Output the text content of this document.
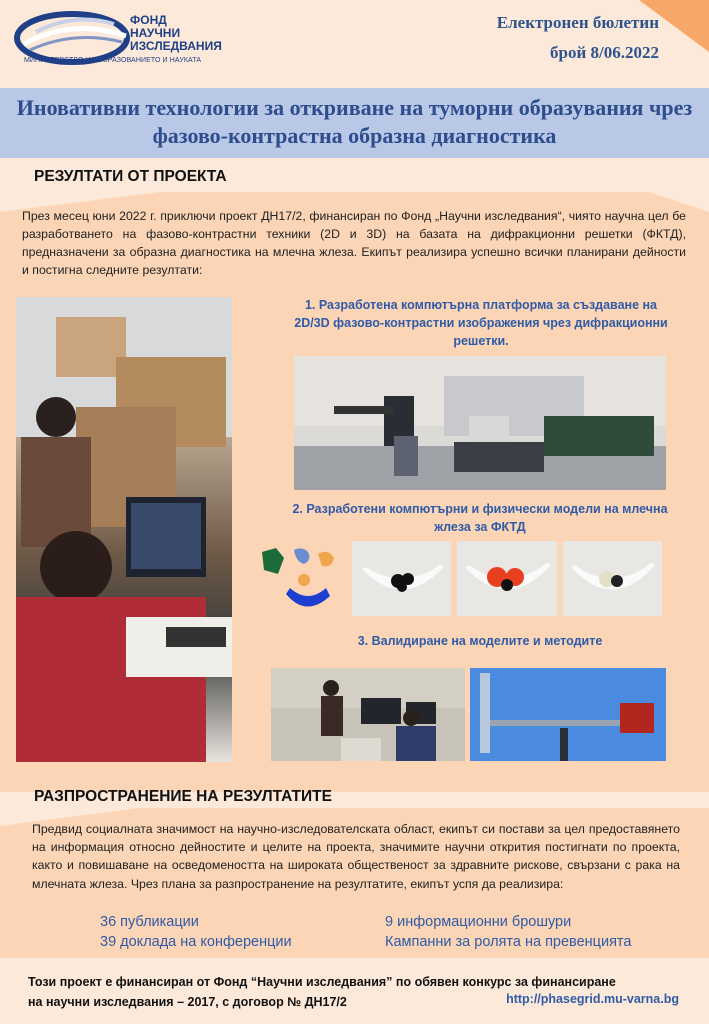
ФОНД
НАУЧНИ
ИЗСЛЕДВАНИЯ
МИНИСТЕРСТВО НА ОБРАЗОВАНИЕТО И НАУКАТА
Електронен бюлетин
брой 8/06.2022
Иновативни технологии за откриване на туморни образувания чрез фазово-контрастна образна диагностика
РЕЗУЛТАТИ ОТ ПРОЕКТА
През месец юни 2022 г. приключи проект ДН17/2, финансиран по Фонд „Научни изследвания“, чиято научна цел бе разработването на фазово-контрастни техники (2D и 3D) на базата на дифракционни решетки (ФКТД), предназначени за образна диагностика на млечна жлеза. Екипът реализира успешно всички планирани дейности и постигна следните резултати:
1. Разработена компютърна платформа за създаване на 2D/3D фазово-контрастни изображения чрез дифракционни решетки.
2. Разработени компютърни и физически модели на млечна жлеза за ФКТД
3. Валидиране на моделите и методите
РАЗПРОСТРАНЕНИЕ НА РЕЗУЛТАТИТЕ
Предвид социалната значимост на научно-изследователската област, екипът си постави за цел предоставянето на информация относно дейностите и целите на проекта, значимите научни открития постигнати по проекта, както и повишаване на осведомеността на широката общественост за здравните рискове, свързани с рака на млечната жлеза. Чрез плана за разпространение на резултатите, екипът успя да реализира:
36 публикации	9 информационни брошури
39 доклада на конференции	Кампанни за ролята на превенцията
Този проект е финансиран от Фонд “Научни изследвания” по обявен конкурс за финансиране
на научни изследвания – 2017, с договор № ДН17/2	http://phasegrid.mu-varna.bg
